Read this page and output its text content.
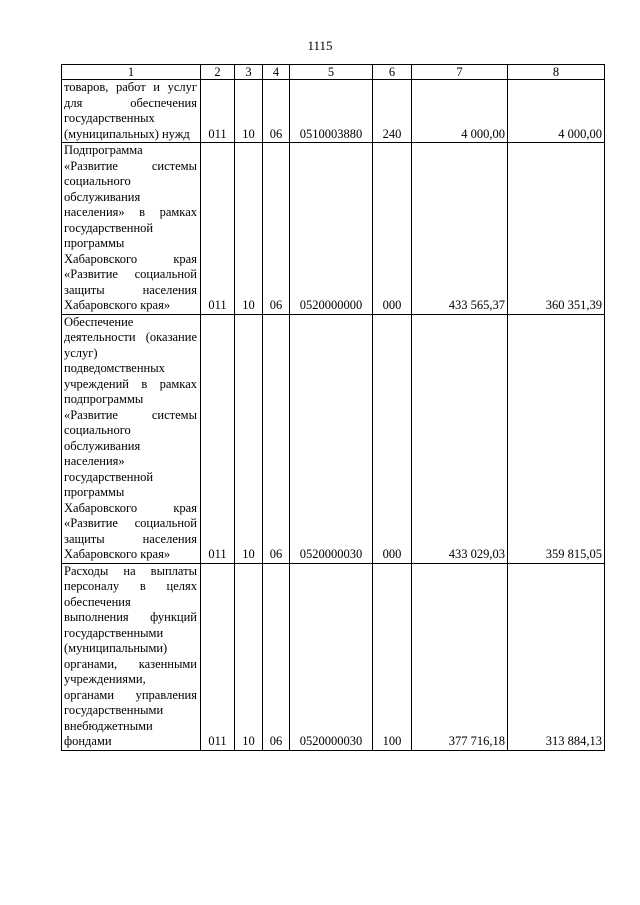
1115
1	2	3	4	5	6	7	8
товаров, работ и услуг для обеспечения государственных (муниципальных) нужд	011	10	06	0510003880	240	4 000,00	4 000,00
Подпрограмма «Развитие системы социального обслуживания населения» в рамках государственной программы Хабаровского края «Развитие социальной защиты населения Хабаровского края»	011	10	06	0520000000	000	433 565,37	360 351,39
Обеспечение деятельности (оказание услуг) подведомственных учреждений в рамках подпрограммы «Развитие системы социального обслуживания населения» государственной программы Хабаровского края «Развитие социальной защиты населения Хабаровского края»	011	10	06	0520000030	000	433 029,03	359 815,05
Расходы на выплаты персоналу в целях обеспечения выполнения функций государственными (муниципальными) органами, казенными учреждениями, органами управления государственными внебюджетными фондами	011	10	06	0520000030	100	377 716,18	313 884,13
